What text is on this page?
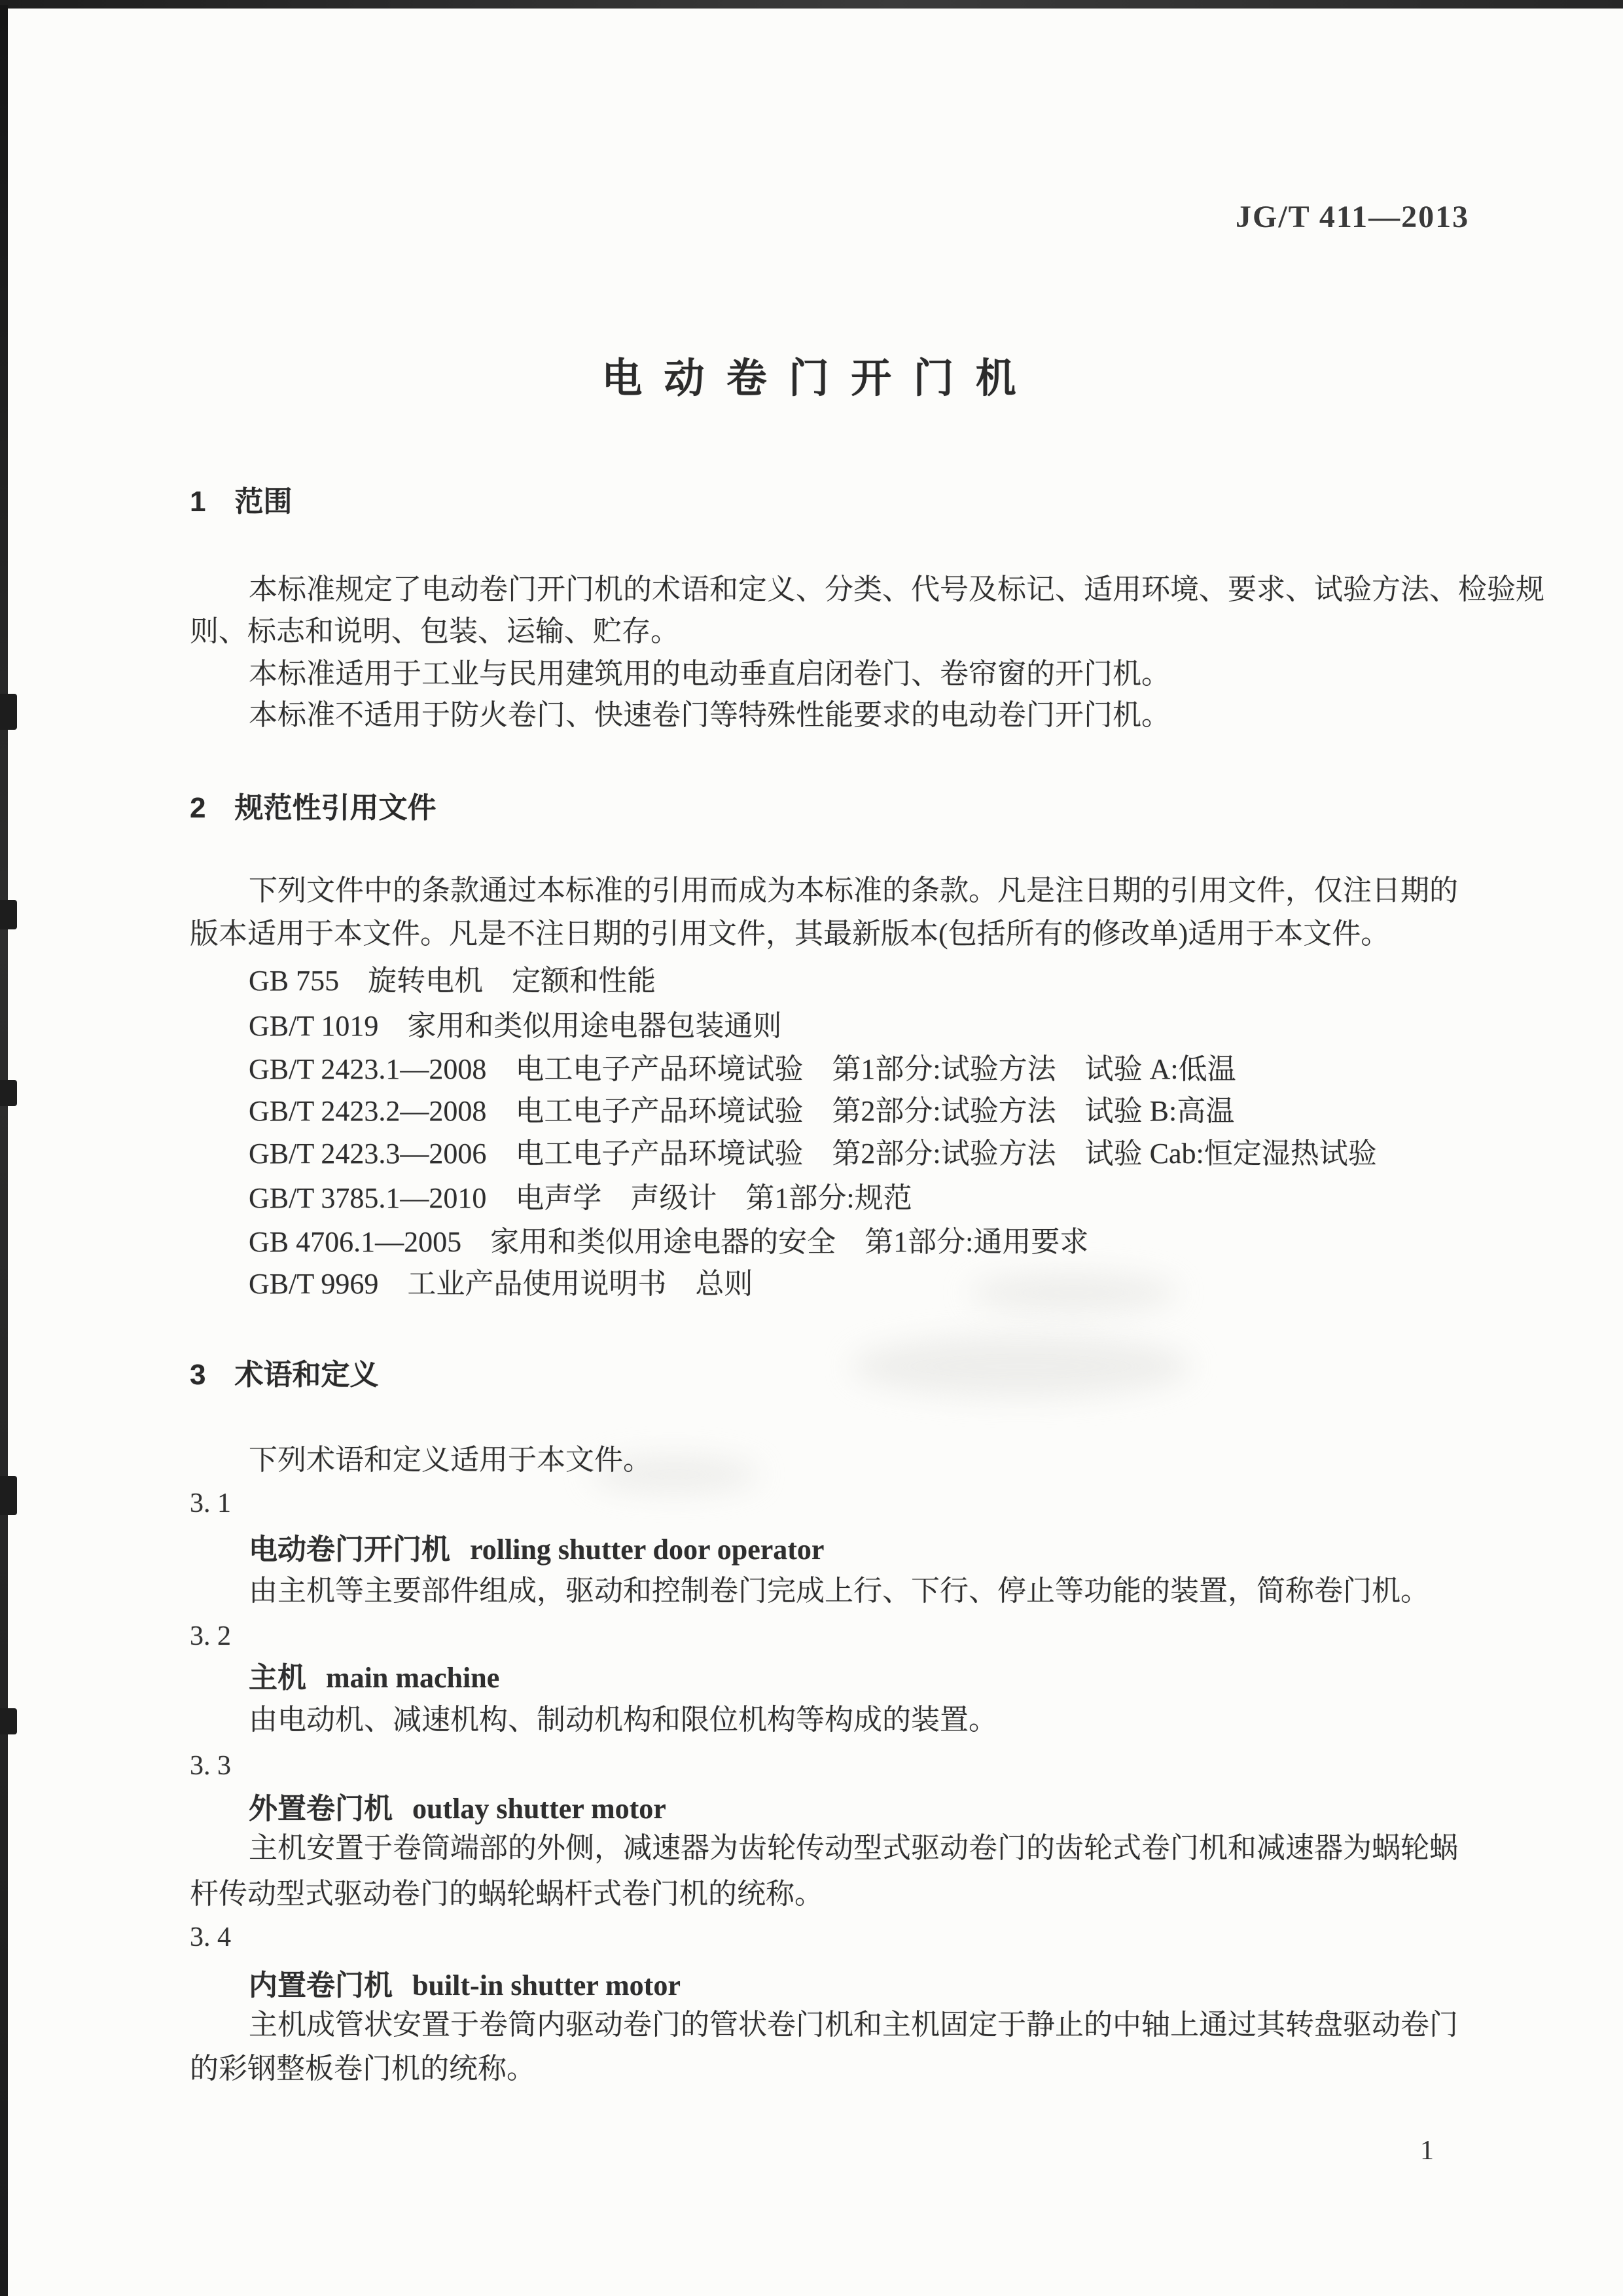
JG/T 411—2013
电 动 卷 门 开 门 机
1　范围
本标准规定了电动卷门开门机的术语和定义、分类、代号及标记、适用环境、要求、试验方法、检验规
则、标志和说明、包装、运输、贮存。
本标准适用于工业与民用建筑用的电动垂直启闭卷门、卷帘窗的开门机。
本标准不适用于防火卷门、快速卷门等特殊性能要求的电动卷门开门机。
2　规范性引用文件
下列文件中的条款通过本标准的引用而成为本标准的条款。凡是注日期的引用文件，仅注日期的
版本适用于本文件。凡是不注日期的引用文件，其最新版本(包括所有的修改单)适用于本文件。
GB 755　旋转电机　定额和性能
GB/T 1019　家用和类似用途电器包装通则
GB/T 2423.1—2008　电工电子产品环境试验　第1部分:试验方法　试验 A:低温
GB/T 2423.2—2008　电工电子产品环境试验　第2部分:试验方法　试验 B:高温
GB/T 2423.3—2006　电工电子产品环境试验　第2部分:试验方法　试验 Cab:恒定湿热试验
GB/T 3785.1—2010　电声学　声级计　第1部分:规范
GB 4706.1—2005　家用和类似用途电器的安全　第1部分:通用要求
GB/T 9969　工业产品使用说明书　总则
3　术语和定义
下列术语和定义适用于本文件。
3. 1
电动卷门开门机 rolling shutter door operator
由主机等主要部件组成，驱动和控制卷门完成上行、下行、停止等功能的装置，简称卷门机。
3. 2
主机 main machine
由电动机、减速机构、制动机构和限位机构等构成的装置。
3. 3
外置卷门机 outlay shutter motor
主机安置于卷筒端部的外侧，减速器为齿轮传动型式驱动卷门的齿轮式卷门机和减速器为蜗轮蜗
杆传动型式驱动卷门的蜗轮蜗杆式卷门机的统称。
3. 4
内置卷门机 built-in shutter motor
主机成管状安置于卷筒内驱动卷门的管状卷门机和主机固定于静止的中轴上通过其转盘驱动卷门
的彩钢整板卷门机的统称。
1
